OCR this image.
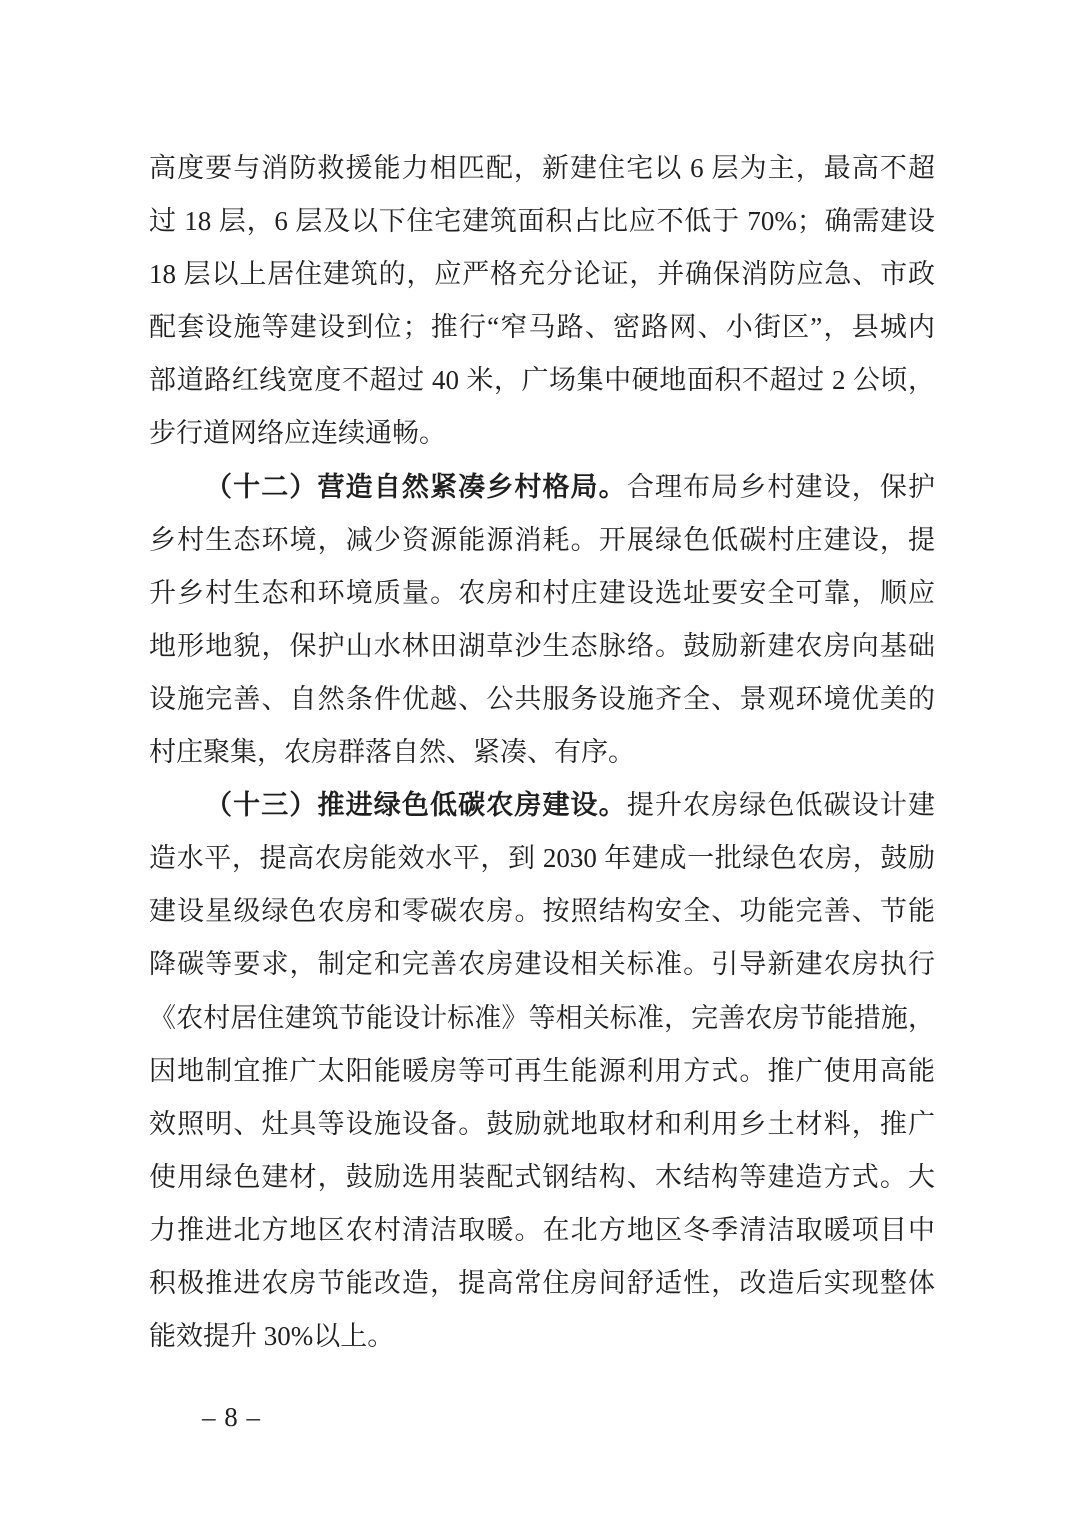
高度要与消防救援能力相匹配，新建住宅以 6 层为主，最高不超
过 18 层，6 层及以下住宅建筑面积占比应不低于 70%；确需建设
18 层以上居住建筑的，应严格充分论证，并确保消防应急、市政
配套设施等建设到位；推行“窄马路、密路网、小街区”，县城内
部道路红线宽度不超过 40 米，广场集中硬地面积不超过 2 公顷，
步行道网络应连续通畅。
（十二）营造自然紧凑乡村格局。合理布局乡村建设，保护
乡村生态环境，减少资源能源消耗。开展绿色低碳村庄建设，提
升乡村生态和环境质量。农房和村庄建设选址要安全可靠，顺应
地形地貌，保护山水林田湖草沙生态脉络。鼓励新建农房向基础
设施完善、自然条件优越、公共服务设施齐全、景观环境优美的
村庄聚集，农房群落自然、紧凑、有序。
（十三）推进绿色低碳农房建设。提升农房绿色低碳设计建
造水平，提高农房能效水平，到 2030 年建成一批绿色农房，鼓励
建设星级绿色农房和零碳农房。按照结构安全、功能完善、节能
降碳等要求，制定和完善农房建设相关标准。引导新建农房执行
《农村居住建筑节能设计标准》等相关标准，完善农房节能措施，
因地制宜推广太阳能暖房等可再生能源利用方式。推广使用高能
效照明、灶具等设施设备。鼓励就地取材和利用乡土材料，推广
使用绿色建材，鼓励选用装配式钢结构、木结构等建造方式。大
力推进北方地区农村清洁取暖。在北方地区冬季清洁取暖项目中
积极推进农房节能改造，提高常住房间舒适性，改造后实现整体
能效提升 30%以上。
– 8 –
